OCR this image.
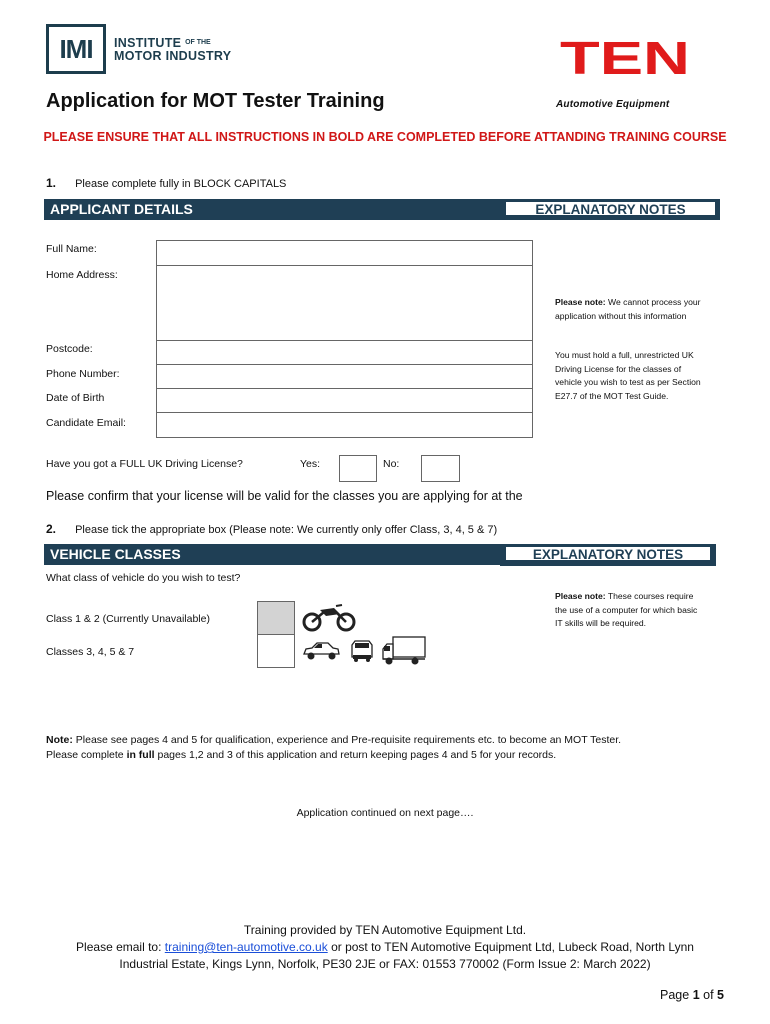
IMI INSTITUTE $^{OF THE}$
MOTOR INDUSTRY	TEN
Automotive Equipment
Application for MOT Tester Training
PLEASE ENSURE THAT ALL INSTRUCTIONS IN BOLD ARE COMPLETED BEFORE ATTANDING TRAINING COURSE
1. Please complete fully in BLOCK CAPITALS
APPLICANT DETAILS	EXPLANATORY NOTES
Full Name:
Home Address:
Postcode:
Phone Number:
Date of Birth
Candidate Email:
Please note: We cannot process your application without this information
You must hold a full, unrestricted UK Driving License for the classes of vehicle you wish to test as per Section E27.7 of the MOT Test Guide.
Have you got a FULL UK Driving License?	Yes:	No:
Please confirm that your license will be valid for the classes you are applying for at the
2. Please tick the appropriate box (Please note: We currently only offer Class, 3, 4, 5 & 7)
VEHICLE CLASSES	EXPLANATORY NOTES
What class of vehicle do you wish to test?
Class 1 & 2 (Currently Unavailable)
Classes 3, 4, 5 & 7
Please note: These courses require the use of a computer for which basic IT skills will be required.
Note: Please see pages 4 and 5 for qualification, experience and Pre-requisite requirements etc. to become an MOT Tester.
Please complete in full pages 1,2 and 3 of this application and return keeping pages 4 and 5 for your records.
Application continued on next page….
Training provided by TEN Automotive Equipment Ltd.
Please email to: training@ten-automotive.co.uk or post to TEN Automotive Equipment Ltd, Lubeck Road, North Lynn
Industrial Estate, Kings Lynn, Norfolk, PE30 2JE or FAX: 01553 770002 (Form Issue 2: March 2022)
Page 1 of 5
